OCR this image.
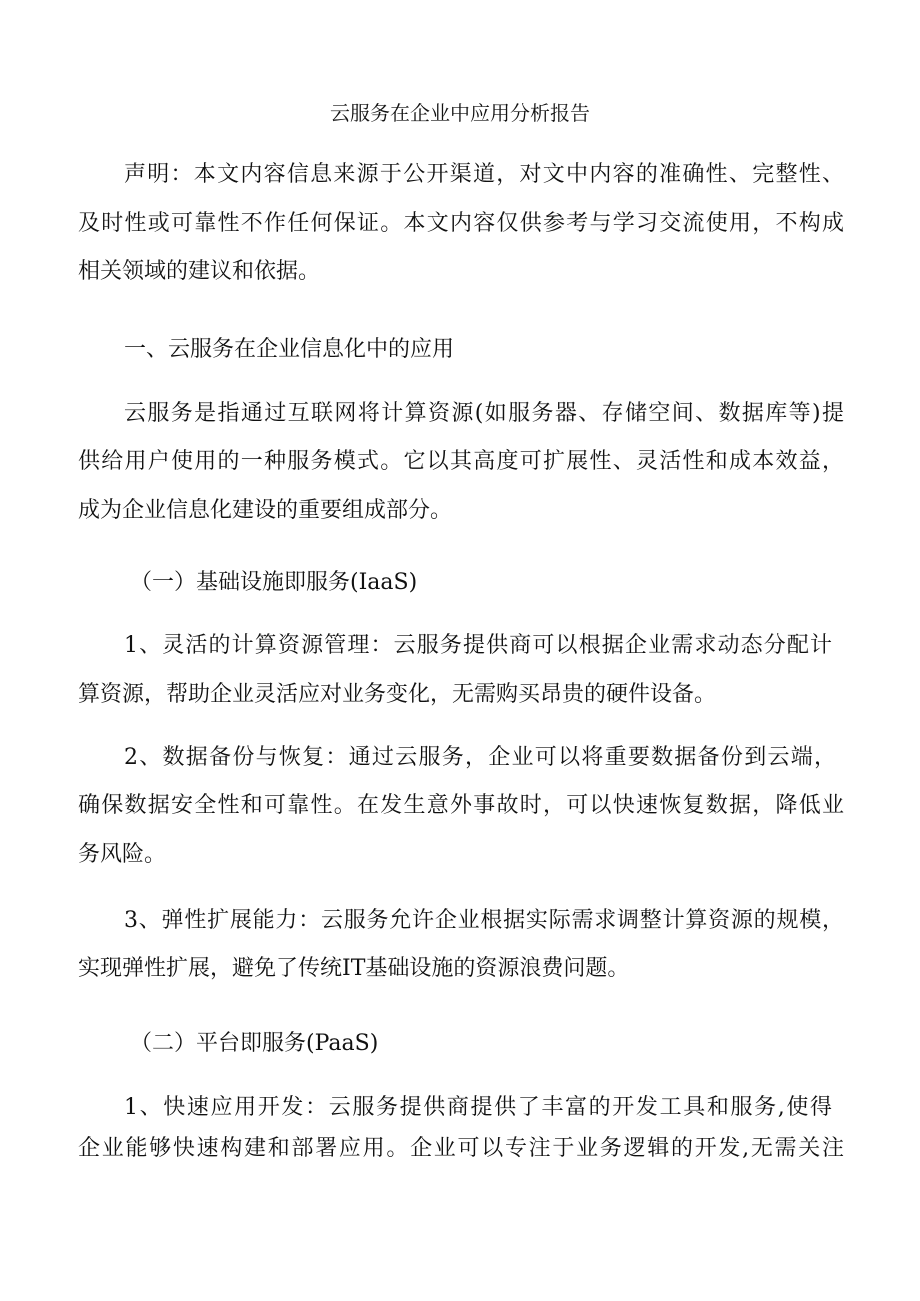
云服务在企业中应用分析报告
声明：本文内容信息来源于公开渠道，对文中内容的准确性、完整性、
及时性或可靠性不作任何保证。本文内容仅供参考与学习交流使用，不构成
相关领域的建议和依据。
一、云服务在企业信息化中的应用
云服务是指通过互联网将计算资源(如服务器、存储空间、数据库等)提
供给用户使用的一种服务模式。它以其高度可扩展性、灵活性和成本效益，
成为企业信息化建设的重要组成部分。
（一）基础设施即服务(IaaS)
1、灵活的计算资源管理：云服务提供商可以根据企业需求动态分配计
算资源，帮助企业灵活应对业务变化，无需购买昂贵的硬件设备。
2、数据备份与恢复：通过云服务，企业可以将重要数据备份到云端，
确保数据安全性和可靠性。在发生意外事故时，可以快速恢复数据，降低业
务风险。
3、弹性扩展能力：云服务允许企业根据实际需求调整计算资源的规模，
实现弹性扩展，避免了传统IT基础设施的资源浪费问题。
（二）平台即服务(PaaS)
1、快速应用开发：云服务提供商提供了丰富的开发工具和服务,使得
企业能够快速构建和部署应用。企业可以专注于业务逻辑的开发,无需关注
